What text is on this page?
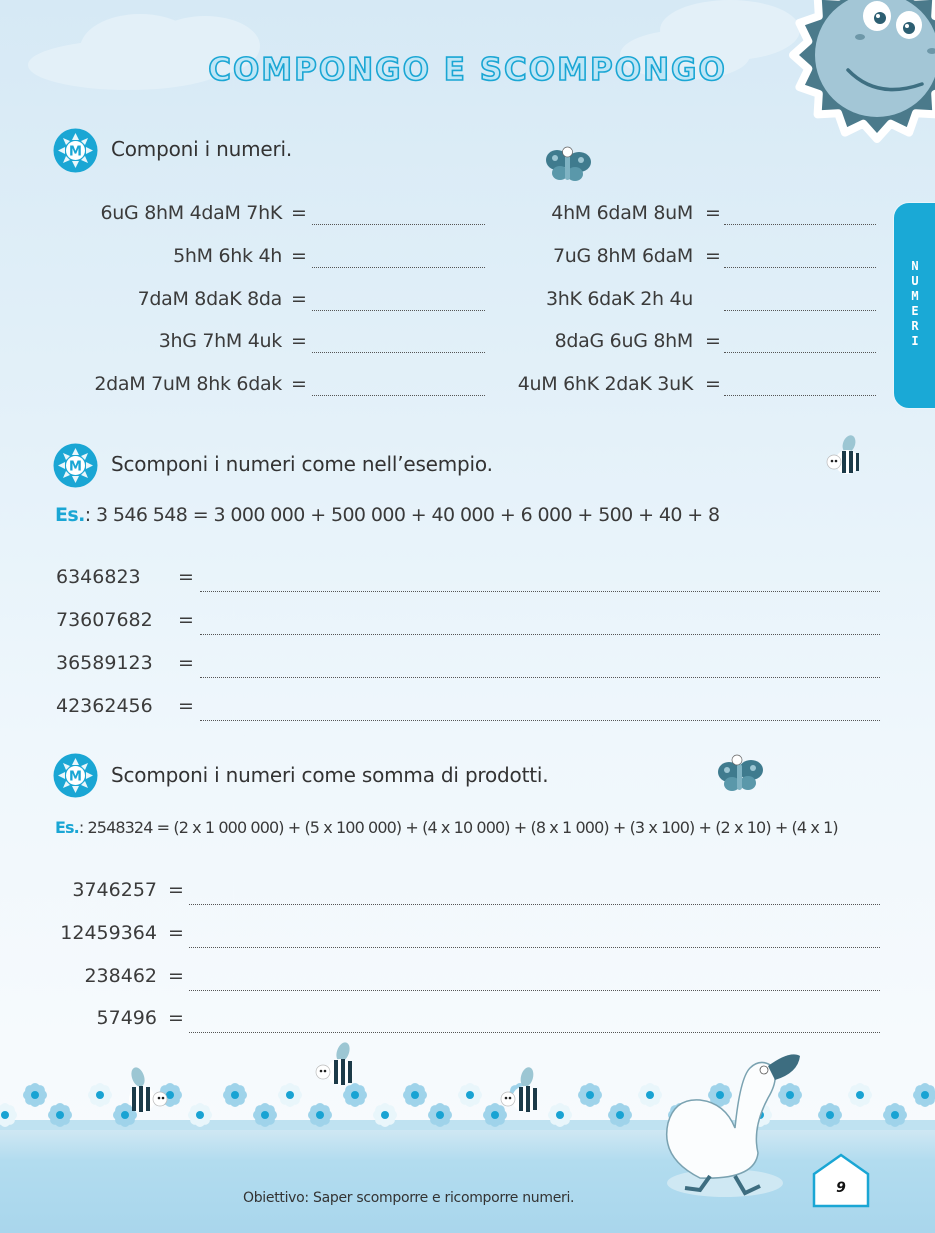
COMPONGO E SCOMPONGO
N
U
M
E
R
I
M Componi i numeri.
6uG 8hM 4daM 7hK =
5hM 6hk 4h =
7daM 8daK 8da =
3hG 7hM 4uk =
2daM 7uM 8hk 6dak =
4hM 6daM 8uM =
7uG 8hM 6daM =
3hK 6daK 2h 4u
8daG 6uG 8hM =
4uM 6hK 2daK 3uK =
M Scomponi i numeri come nell’esempio.
Es.: 3 546 548 = 3 000 000 + 500 000 + 40 000 + 6 000 + 500 + 40 + 8
6346823 =
73607682 =
36589123 =
42362456 =
M Scomponi i numeri come somma di prodotti.
Es.: 2548324 = (2 x 1 000 000) + (5 x 100 000) + (4 x 10 000) + (8 x 1 000) + (3 x 100) + (2 x 10) + (4 x 1)
3746257 =
12459364 =
238462 =
57496 =
Obiettivo: Saper scomporre e ricomporre numeri.
9
